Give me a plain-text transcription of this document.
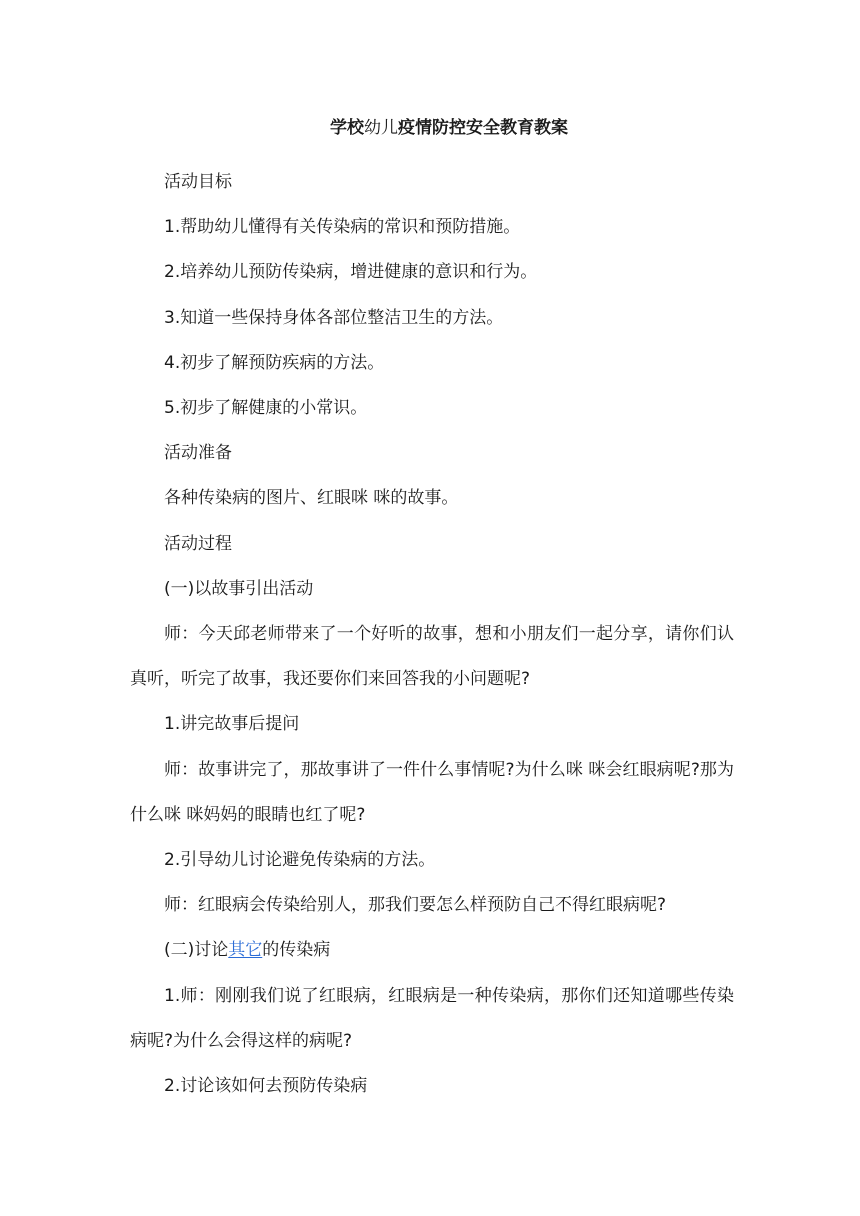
学校幼儿疫情防控安全教育教案

活动目标

1.帮助幼儿懂得有关传染病的常识和预防措施。

2.培养幼儿预防传染病，增进健康的意识和行为。

3.知道一些保持身体各部位整洁卫生的方法。

4.初步了解预防疾病的方法。

5.初步了解健康的小常识。

活动准备

各种传染病的图片、红眼咪 咪的故事。

活动过程

(一)以故事引出活动

师：今天邱老师带来了一个好听的故事，想和小朋友们一起分享，请你们认真听，听完了故事，我还要你们来回答我的小问题呢?

1.讲完故事后提问

师：故事讲完了，那故事讲了一件什么事情呢?为什么咪 咪会红眼病呢?那为什么咪 咪妈妈的眼睛也红了呢?

2.引导幼儿讨论避免传染病的方法。

师：红眼病会传染给别人，那我们要怎么样预防自己不得红眼病呢?

(二)讨论其它的传染病

1.师：刚刚我们说了红眼病，红眼病是一种传染病，那你们还知道哪些传染病呢?为什么会得这样的病呢?

2.讨论该如何去预防传染病
